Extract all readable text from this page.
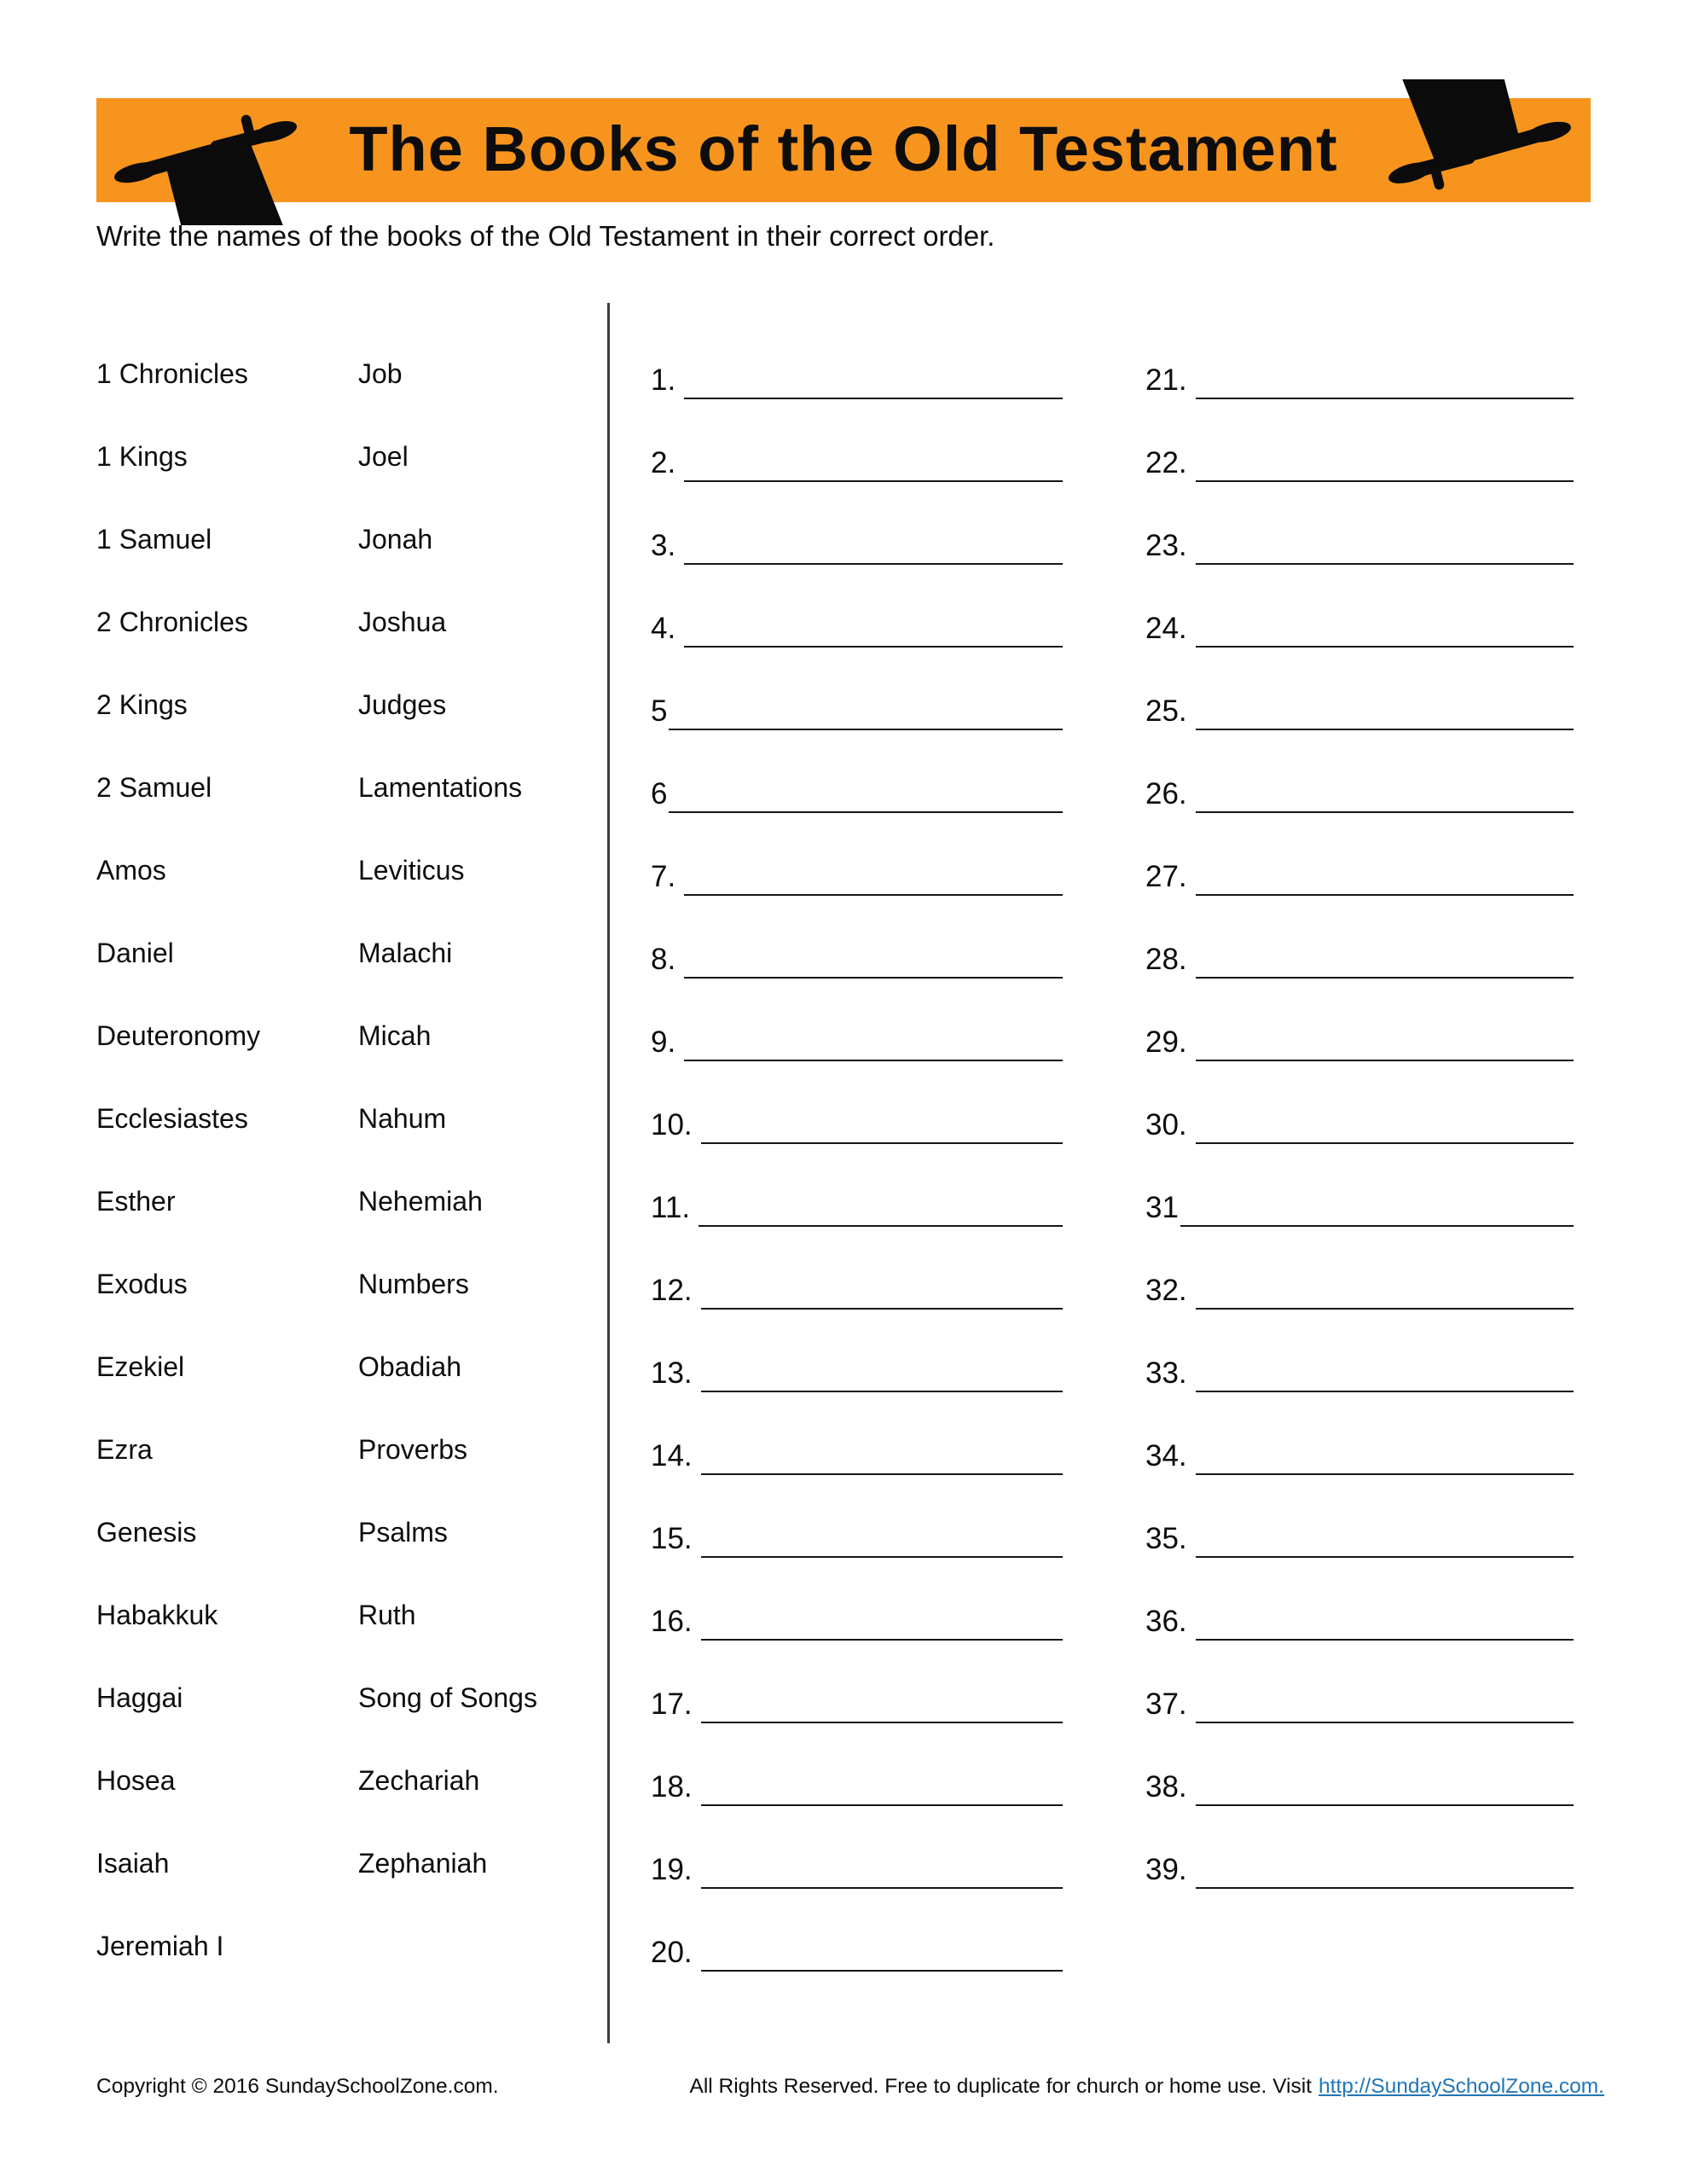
The Books of the Old Testament

Write the names of the books of the Old Testament in their correct order.

1 Chronicles
1 Kings
1 Samuel
2 Chronicles
2 Kings
2 Samuel
Amos
Daniel
Deuteronomy
Ecclesiastes
Esther
Exodus
Ezekiel
Ezra
Genesis
Habakkuk
Haggai
Hosea
Isaiah
Jeremiah I
Job
Joel
Jonah
Joshua
Judges
Lamentations
Leviticus
Malachi
Micah
Nahum
Nehemiah
Numbers
Obadiah
Proverbs
Psalms
Ruth
Song of Songs
Zechariah
Zephaniah
1.
2.
3.
4.
5
6
7.
8.
9.
10.
11.
12.
13.
14.
15.
16.
17.
18.
19.
20.
21.
22.
23.
24.
25.
26.
27.
28.
29.
30.
31
32.
33.
34.
35.
36.
37.
38.
39.
Copyright © 2016 SundaySchoolZone.com.	All Rights Reserved. Free to duplicate for church or home use. Visit http://SundaySchoolZone.com.
